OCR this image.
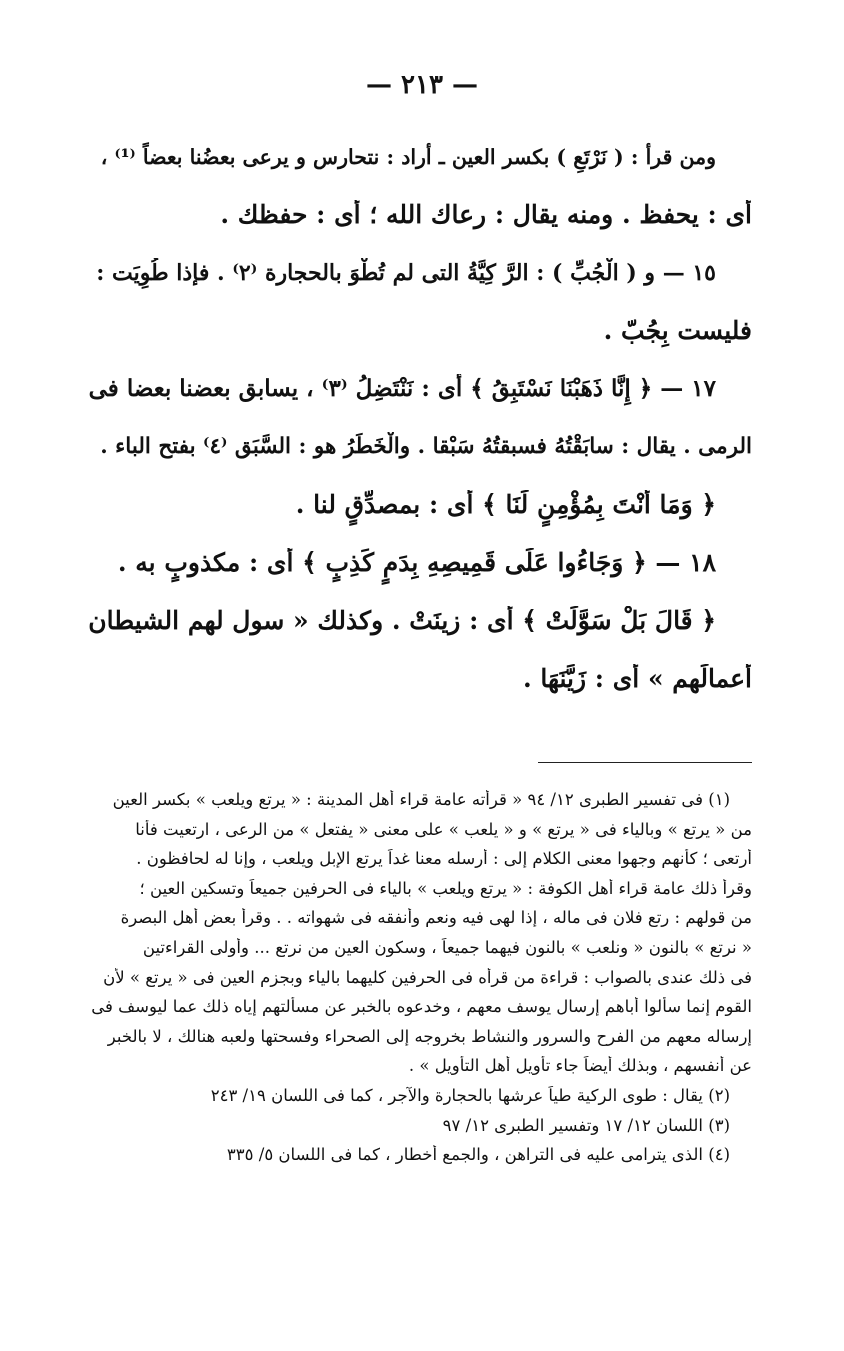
— ٢١٣ —
ومن قرأ : ( نَرْتَعِ ) بكسر العين ـ أراد : نتحارس و يرعى بعضُنا بعضاً ⁽¹⁾ ،
أى : يحفظ . ومنه يقال : رعاك الله ؛ أى : حفظك .
١٥ — و ( الْجُبِّ ) : الرَّ كِيَّةُ التى لم تُطْوَ بالحجارة ⁽٢⁾ . فإذا طُوِيَت :
فليست بِجُبّ .
١٧ — ﴿ إِنَّا ذَهَبْنَا نَسْتَبِقُ ﴾ أى : نَنْتَضِلُ ⁽٣⁾ ، يسابق بعضنا بعضا فى
الرمى . يقال : سابَقْتُهُ فسبقتُهُ سَبْقا . والْخَطَرُ هو : السَّبَق ⁽٤⁾ بفتح الباء .
﴿ وَمَا أَنْتَ بِمُؤْمِنٍ لَنَا ﴾ أى : بمصدِّقٍ لنا .
١٨ — ﴿ وَجَاءُوا عَلَى قَمِيصِهِ بِدَمٍ كَذِبٍ ﴾ أى : مكذوبٍ به .
﴿ قَالَ بَلْ سَوَّلَتْ ﴾ أى : زينَتْ . وكذلك « سول لهم الشيطان
أعمالَهم » أى : زَيَّنَهَا .
(١) فى تفسير الطبرى ١٢/ ٩٤ « قرأته عامة قراء أهل المدينة : « يرتع ويلعب » بكسر العين
من « يرتع » وبالياء فى « يرتع » و « يلعب » على معنى « يفتعل » من الرعى ، ارتعيت فأنا
أرتعى ؛ كأنهم وجهوا معنى الكلام إلى : أرسله معنا غداً يرتع الإبل ويلعب ، وإنا له لحافظون .
وقرأ ذلك عامة قراء أهل الكوفة : « يرتع ويلعب » بالياء فى الحرفين جميعاً وتسكين العين ؛
من قولهم : رتع فلان فى ماله ، إذا لهى فيه ونعم وأنفقه فى شهواته . . وقرأ بعض أهل البصرة
« نرتع » بالنون « ونلعب » بالنون فيهما جميعاً ، وسكون العين من نرتع ... وأولى القراءتين
فى ذلك عندى بالصواب : قراءة من قرأه فى الحرفين كليهما بالياء وبجزم العين فى « يرتع » لأن
القوم إنما سألوا أباهم إرسال يوسف معهم ، وخدعوه بالخبر عن مسألتهم إياه ذلك عما ليوسف فى
إرساله معهم من الفرح والسرور والنشاط بخروجه إلى الصحراء وفسحتها ولعبه هنالك ، لا بالخبر
عن أنفسهم ، وبذلك أيضاً جاء تأويل أهل التأويل » .
(٢) يقال : طوى الركية طياً عرشها بالحجارة والآجر ، كما فى اللسان ١٩/ ٢٤٣
(٣) اللسان ١٢/ ١٧ وتفسير الطبرى ١٢/ ٩٧
(٤) الذى يترامى عليه فى التراهن ، والجمع أخطار ، كما فى اللسان ٥/ ٣٣٥
